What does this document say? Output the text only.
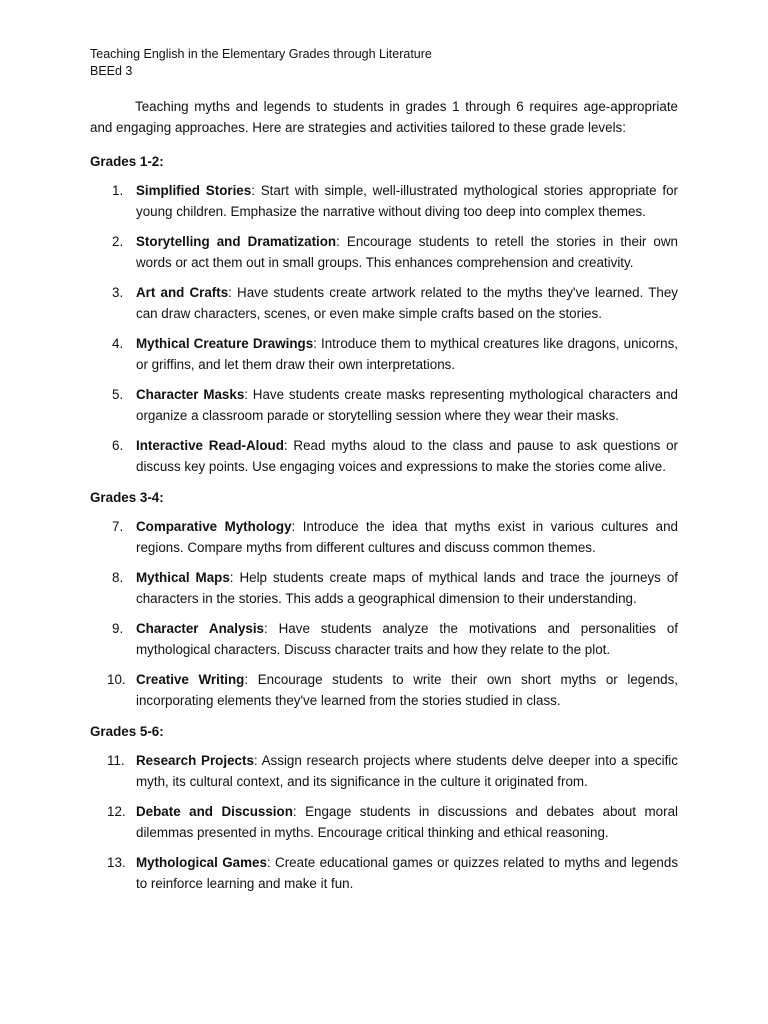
Teaching English in the Elementary Grades through Literature
BEEd 3

Teaching myths and legends to students in grades 1 through 6 requires age-appropriate and engaging approaches. Here are strategies and activities tailored to these grade levels:

Grades 1-2:
1. Simplified Stories: Start with simple, well-illustrated mythological stories appropriate for young children. Emphasize the narrative without diving too deep into complex themes.
2. Storytelling and Dramatization: Encourage students to retell the stories in their own words or act them out in small groups. This enhances comprehension and creativity.
3. Art and Crafts: Have students create artwork related to the myths they've learned. They can draw characters, scenes, or even make simple crafts based on the stories.
4. Mythical Creature Drawings: Introduce them to mythical creatures like dragons, unicorns, or griffins, and let them draw their own interpretations.
5. Character Masks: Have students create masks representing mythological characters and organize a classroom parade or storytelling session where they wear their masks.
6. Interactive Read-Aloud: Read myths aloud to the class and pause to ask questions or discuss key points. Use engaging voices and expressions to make the stories come alive.
Grades 3-4:
7. Comparative Mythology: Introduce the idea that myths exist in various cultures and regions. Compare myths from different cultures and discuss common themes.
8. Mythical Maps: Help students create maps of mythical lands and trace the journeys of characters in the stories. This adds a geographical dimension to their understanding.
9. Character Analysis: Have students analyze the motivations and personalities of mythological characters. Discuss character traits and how they relate to the plot.
10. Creative Writing: Encourage students to write their own short myths or legends, incorporating elements they've learned from the stories studied in class.
Grades 5-6:
11. Research Projects: Assign research projects where students delve deeper into a specific myth, its cultural context, and its significance in the culture it originated from.
12. Debate and Discussion: Engage students in discussions and debates about moral dilemmas presented in myths. Encourage critical thinking and ethical reasoning.
13. Mythological Games: Create educational games or quizzes related to myths and legends to reinforce learning and make it fun.
